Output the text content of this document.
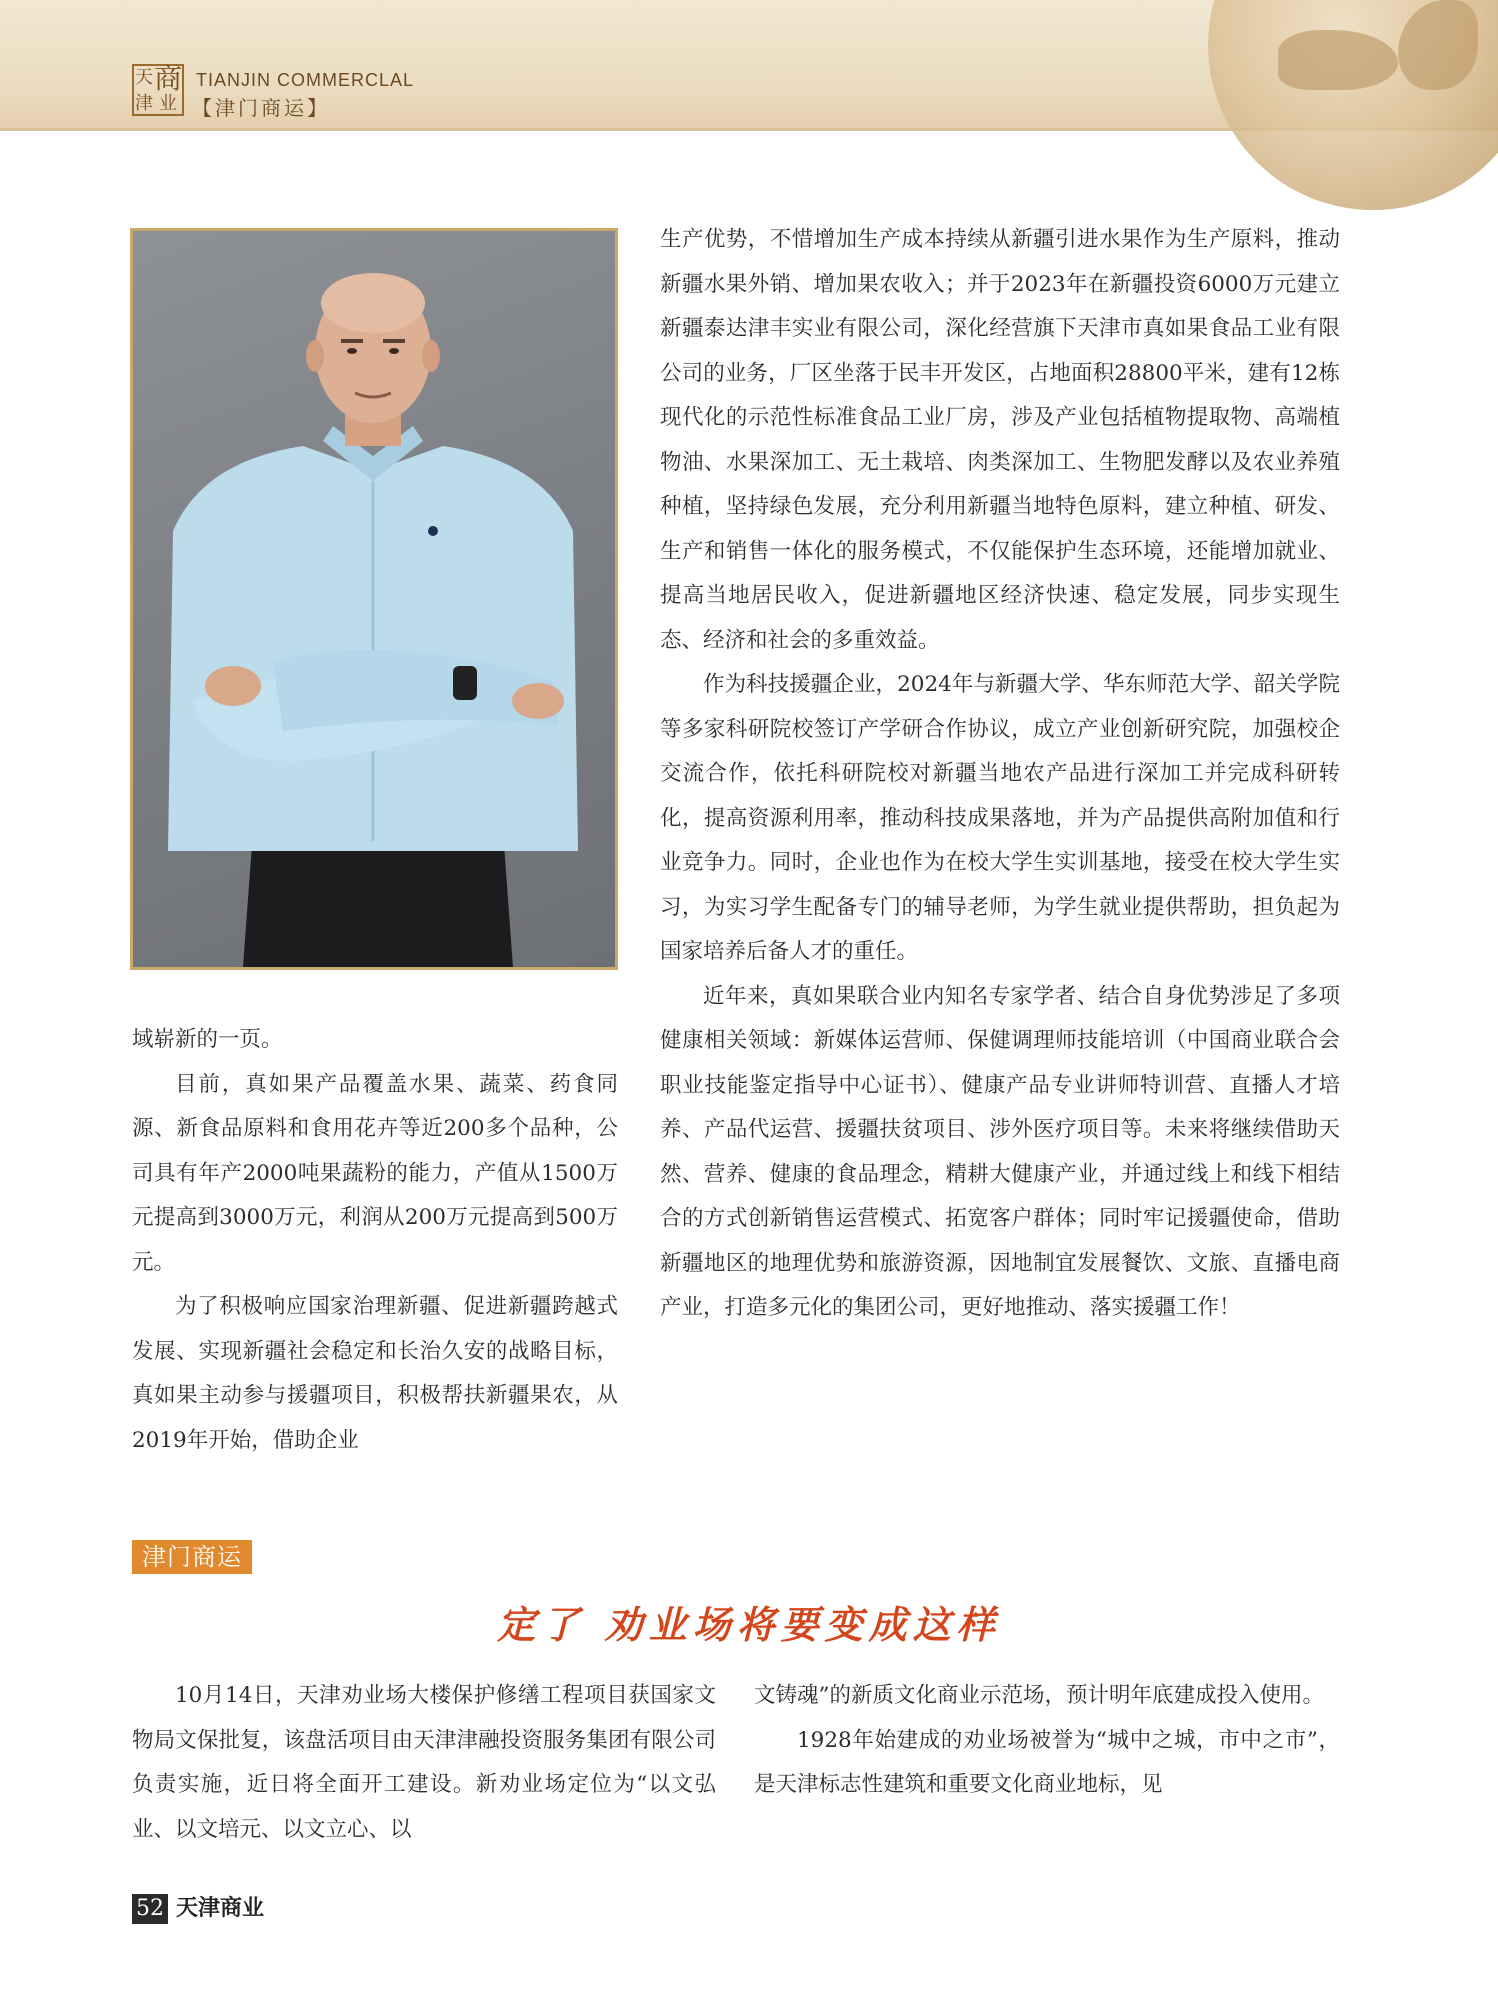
天 商
津 业
TIANJIN COMMERCLAL
【津门商运】

生产优势，不惜增加生产成本持续从新疆引进水果作为生产原料，推动新疆水果外销、增加果农收入；并于2023年在新疆投资6000万元建立新疆泰达津丰实业有限公司，深化经营旗下天津市真如果食品工业有限公司的业务，厂区坐落于民丰开发区，占地面积28800平米，建有12栋现代化的示范性标准食品工业厂房，涉及产业包括植物提取物、高端植物油、水果深加工、无土栽培、肉类深加工、生物肥发酵以及农业养殖种植，坚持绿色发展，充分利用新疆当地特色原料，建立种植、研发、生产和销售一体化的服务模式，不仅能保护生态环境，还能增加就业、提高当地居民收入，促进新疆地区经济快速、稳定发展，同步实现生态、经济和社会的多重效益。

作为科技援疆企业，2024年与新疆大学、华东师范大学、韶关学院等多家科研院校签订产学研合作协议，成立产业创新研究院，加强校企交流合作，依托科研院校对新疆当地农产品进行深加工并完成科研转化，提高资源利用率，推动科技成果落地，并为产品提供高附加值和行业竞争力。同时，企业也作为在校大学生实训基地，接受在校大学生实习，为实习学生配备专门的辅导老师，为学生就业提供帮助，担负起为国家培养后备人才的重任。

近年来，真如果联合业内知名专家学者、结合自身优势涉足了多项健康相关领域：新媒体运营师、保健调理师技能培训（中国商业联合会职业技能鉴定指导中心证书）、健康产品专业讲师特训营、直播人才培养、产品代运营、援疆扶贫项目、涉外医疗项目等。未来将继续借助天然、营养、健康的食品理念，精耕大健康产业，并通过线上和线下相结合的方式创新销售运营模式、拓宽客户群体；同时牢记援疆使命，借助新疆地区的地理优势和旅游资源，因地制宜发展餐饮、文旅、直播电商产业，打造多元化的集团公司，更好地推动、落实援疆工作！

域崭新的一页。

目前，真如果产品覆盖水果、蔬菜、药食同源、新食品原料和食用花卉等近200多个品种，公司具有年产2000吨果蔬粉的能力，产值从1500万元提高到3000万元，利润从200万元提高到500万元。

为了积极响应国家治理新疆、促进新疆跨越式发展、实现新疆社会稳定和长治久安的战略目标，真如果主动参与援疆项目，积极帮扶新疆果农，从2019年开始，借助企业

津门商运
定了 劝业场将要变成这样

10月14日，天津劝业场大楼保护修缮工程项目获国家文物局文保批复，该盘活项目由天津津融投资服务集团有限公司负责实施，近日将全面开工建设。新劝业场定位为“以文弘业、以文培元、以文立心、以

文铸魂”的新质文化商业示范场，预计明年底建成投入使用。

1928年始建成的劝业场被誉为“城中之城，市中之市”，是天津标志性建筑和重要文化商业地标，见

52 天津商业
